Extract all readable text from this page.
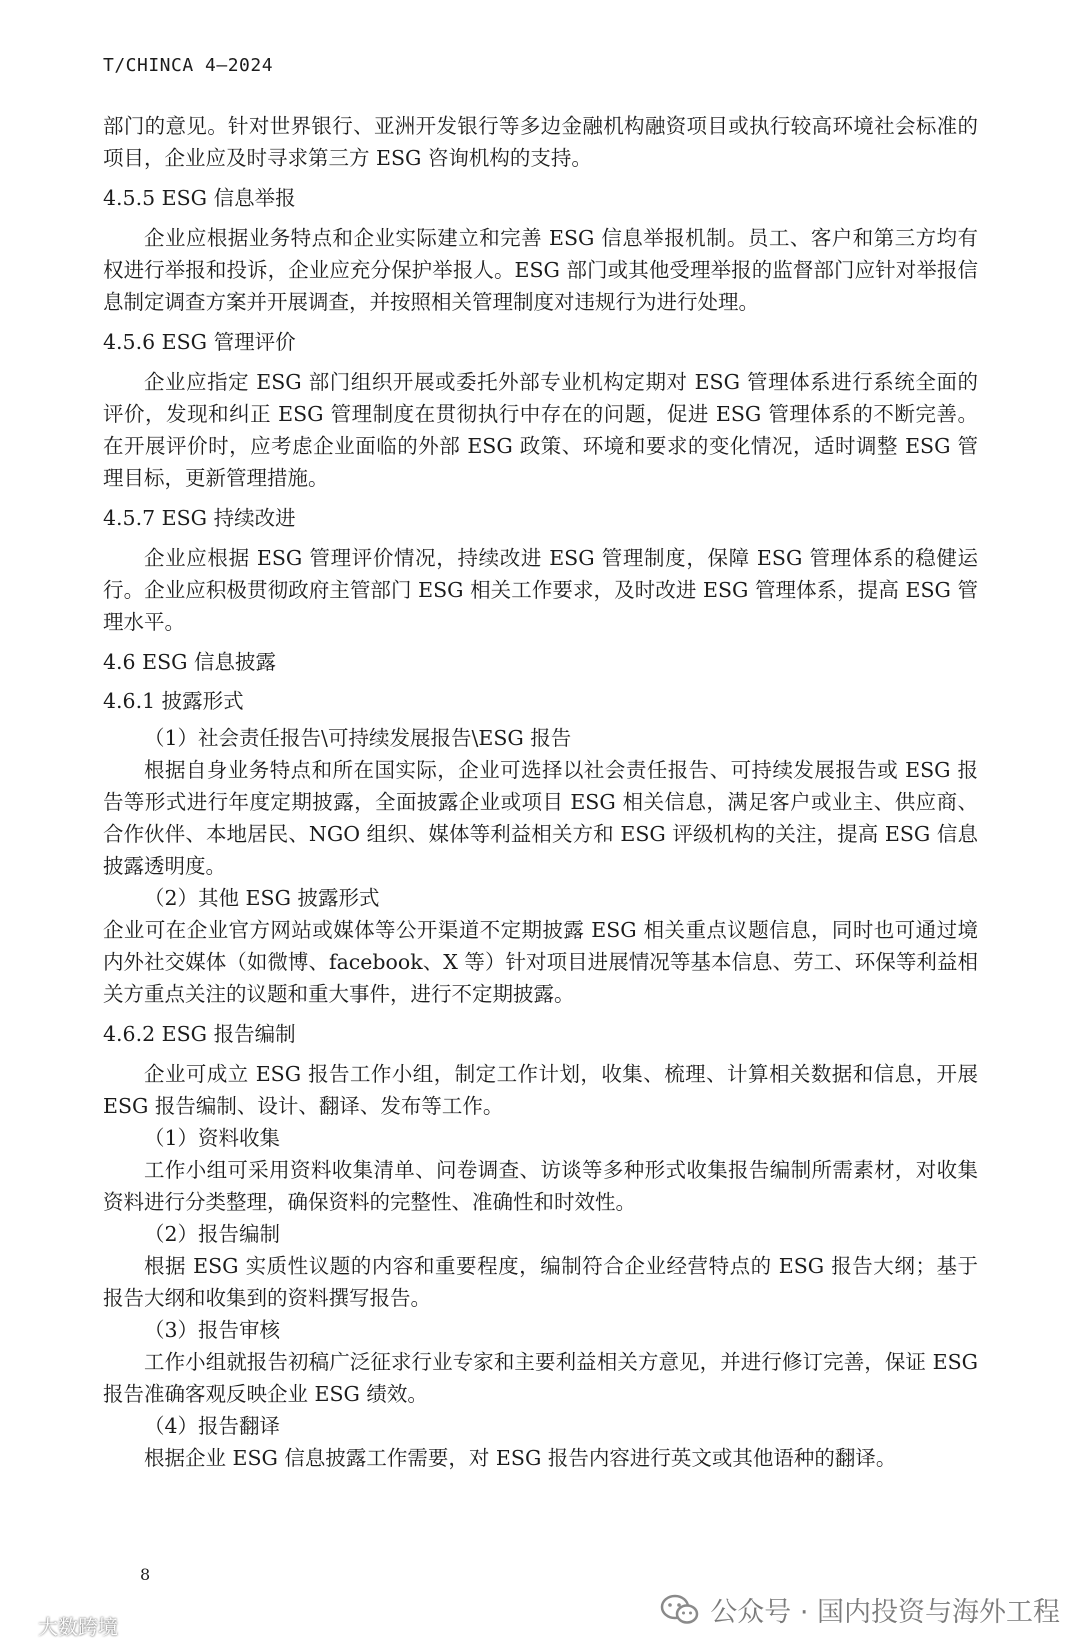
T/CHINCA 4—2024

部门的意见。针对世界银行、亚洲开发银行等多边金融机构融资项目或执行较高环境社会标准的项目，企业应及时寻求第三方 ESG 咨询机构的支持。

4.5.5 ESG 信息举报

企业应根据业务特点和企业实际建立和完善 ESG 信息举报机制。员工、客户和第三方均有权进行举报和投诉，企业应充分保护举报人。ESG 部门或其他受理举报的监督部门应针对举报信息制定调查方案并开展调查，并按照相关管理制度对违规行为进行处理。

4.5.6 ESG 管理评价

企业应指定 ESG 部门组织开展或委托外部专业机构定期对 ESG 管理体系进行系统全面的评价，发现和纠正 ESG 管理制度在贯彻执行中存在的问题，促进 ESG 管理体系的不断完善。在开展评价时，应考虑企业面临的外部 ESG 政策、环境和要求的变化情况，适时调整 ESG 管理目标，更新管理措施。

4.5.7 ESG 持续改进

企业应根据 ESG 管理评价情况，持续改进 ESG 管理制度，保障 ESG 管理体系的稳健运行。企业应积极贯彻政府主管部门 ESG 相关工作要求，及时改进 ESG 管理体系，提高 ESG 管理水平。

4.6 ESG 信息披露
4.6.1 披露形式

（1）社会责任报告\可持续发展报告\ESG 报告

根据自身业务特点和所在国实际，企业可选择以社会责任报告、可持续发展报告或 ESG 报告等形式进行年度定期披露，全面披露企业或项目 ESG 相关信息，满足客户或业主、供应商、合作伙伴、本地居民、NGO 组织、媒体等利益相关方和 ESG 评级机构的关注，提高 ESG 信息披露透明度。

（2）其他 ESG 披露形式

企业可在企业官方网站或媒体等公开渠道不定期披露 ESG 相关重点议题信息，同时也可通过境内外社交媒体（如微博、facebook、X 等）针对项目进展情况等基本信息、劳工、环保等利益相关方重点关注的议题和重大事件，进行不定期披露。

4.6.2 ESG 报告编制

企业可成立 ESG 报告工作小组，制定工作计划，收集、梳理、计算相关数据和信息，开展 ESG 报告编制、设计、翻译、发布等工作。

（1）资料收集

工作小组可采用资料收集清单、问卷调查、访谈等多种形式收集报告编制所需素材，对收集资料进行分类整理，确保资料的完整性、准确性和时效性。

（2）报告编制

根据 ESG 实质性议题的内容和重要程度，编制符合企业经营特点的 ESG 报告大纲；基于报告大纲和收集到的资料撰写报告。

（3）报告审核

工作小组就报告初稿广泛征求行业专家和主要利益相关方意见，并进行修订完善，保证 ESG 报告准确客观反映企业 ESG 绩效。

（4）报告翻译

根据企业 ESG 信息披露工作需要，对 ESG 报告内容进行英文或其他语种的翻译。

8
大数跨境	公众号 · 国内投资与海外工程
